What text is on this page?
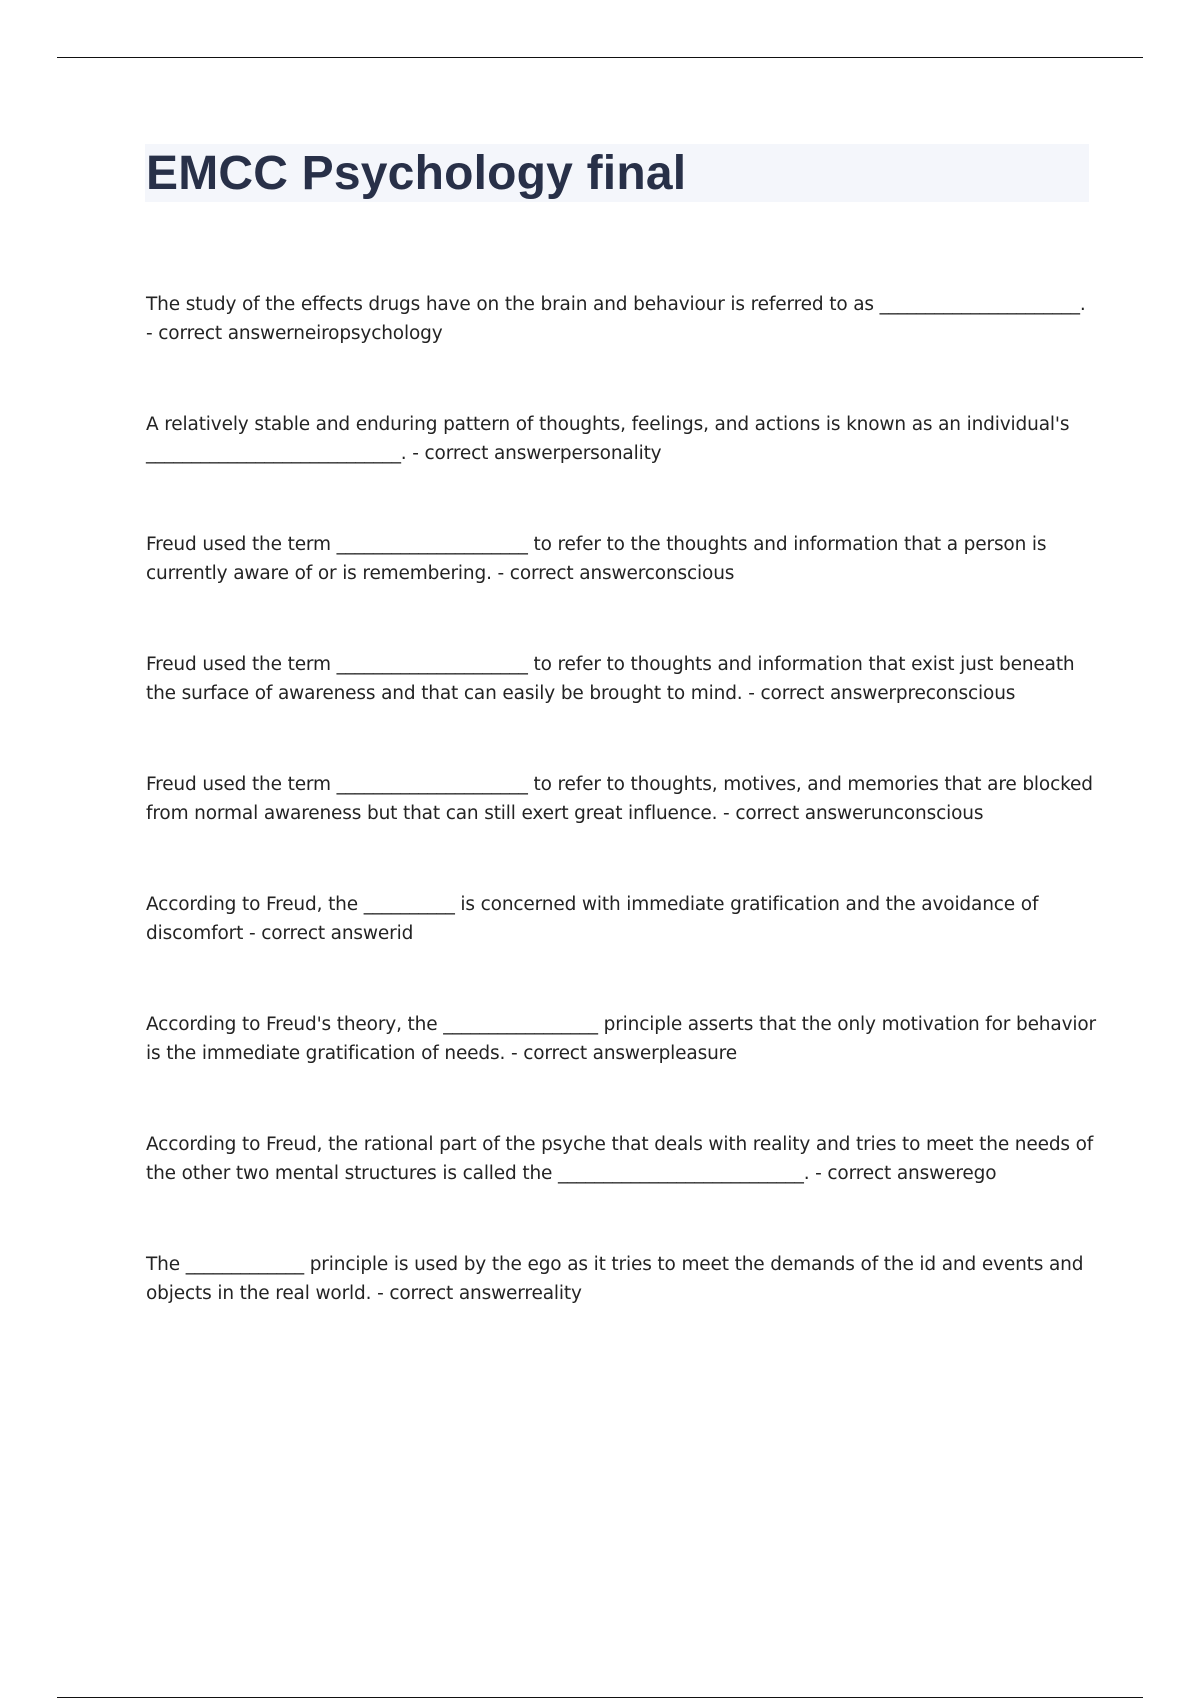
EMCC Psychology final

The study of the effects drugs have on the brain and behaviour is referred to as ______________________. - correct answerneiropsychology

A relatively stable and enduring pattern of thoughts, feelings, and actions is known as an individual's ____________________________. - correct answerpersonality

Freud used the term _____________________ to refer to the thoughts and information that a person is currently aware of or is remembering. - correct answerconscious

Freud used the term _____________________ to refer to thoughts and information that exist just beneath the surface of awareness and that can easily be brought to mind. - correct answerpreconscious

Freud used the term _____________________ to refer to thoughts, motives, and memories that are blocked from normal awareness but that can still exert great influence. - correct answerunconscious

According to Freud, the __________ is concerned with immediate gratification and the avoidance of discomfort - correct answerid

According to Freud's theory, the _________________ principle asserts that the only motivation for behavior is the immediate gratification of needs. - correct answerpleasure

According to Freud, the rational part of the psyche that deals with reality and tries to meet the needs of the other two mental structures is called the ___________________________. - correct answerego

The _____________ principle is used by the ego as it tries to meet the demands of the id and events and objects in the real world. - correct answerreality
